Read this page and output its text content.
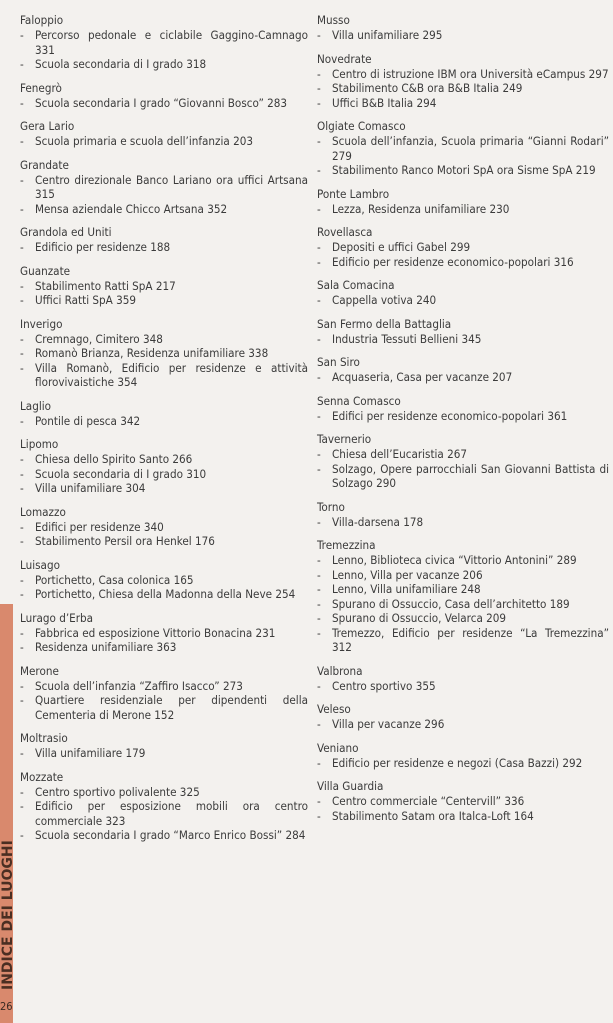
INDICE DEI LUOGHI
26
Faloppio
- Percorso pedonale e ciclabile Gaggino-Camnago 331
- Scuola secondaria di I grado 318
Fenegrò
- Scuola secondaria I grado “Giovanni Bosco” 283
Gera Lario
- Scuola primaria e scuola dell’infanzia 203
Grandate
- Centro direzionale Banco Lariano ora uffici Artsana 315
- Mensa aziendale Chicco Artsana 352
Grandola ed Uniti
- Edificio per residenze 188
Guanzate
- Stabilimento Ratti SpA 217
- Uffici Ratti SpA 359
Inverigo
- Cremnago, Cimitero 348
- Romanò Brianza, Residenza unifamiliare 338
- Villa Romanò, Edificio per residenze e attività florovivaistiche 354
Laglio
- Pontile di pesca 342
Lipomo
- Chiesa dello Spirito Santo 266
- Scuola secondaria di I grado 310
- Villa unifamiliare 304
Lomazzo
- Edifici per residenze 340
- Stabilimento Persil ora Henkel 176
Luisago
- Portichetto, Casa colonica 165
- Portichetto, Chiesa della Madonna della Neve 254
Lurago d’Erba
- Fabbrica ed esposizione Vittorio Bonacina 231
- Residenza unifamiliare 363
Merone
- Scuola dell’infanzia “Zaffiro Isacco” 273
- Quartiere residenziale per dipendenti della Cementeria di Merone 152
Moltrasio
- Villa unifamiliare 179
Mozzate
- Centro sportivo polivalente 325
- Edificio per esposizione mobili ora centro commerciale 323
- Scuola secondaria I grado “Marco Enrico Bossi” 284
Musso
- Villa unifamiliare 295
Novedrate
- Centro di istruzione IBM ora Università eCampus 297
- Stabilimento C&B ora B&B Italia 249
- Uffici B&B Italia 294
Olgiate Comasco
- Scuola dell’infanzia, Scuola primaria “Gianni Rodari” 279
- Stabilimento Ranco Motori SpA ora Sisme SpA 219
Ponte Lambro
- Lezza, Residenza unifamiliare 230
Rovellasca
- Depositi e uffici Gabel 299
- Edificio per residenze economico-popolari 316
Sala Comacina
- Cappella votiva 240
San Fermo della Battaglia
- Industria Tessuti Bellieni 345
San Siro
- Acquaseria, Casa per vacanze 207
Senna Comasco
- Edifici per residenze economico-popolari 361
Tavernerio
- Chiesa dell’Eucaristia 267
- Solzago, Opere parrocchiali San Giovanni Battista di Solzago 290
Torno
- Villa-darsena 178
Tremezzina
- Lenno, Biblioteca civica “Vittorio Antonini” 289
- Lenno, Villa per vacanze 206
- Lenno, Villa unifamiliare 248
- Spurano di Ossuccio, Casa dell’architetto 189
- Spurano di Ossuccio, Velarca 209
- Tremezzo, Edificio per residenze “La Tremezzina” 312
Valbrona
- Centro sportivo 355
Veleso
- Villa per vacanze 296
Veniano
- Edificio per residenze e negozi (Casa Bazzi) 292
Villa Guardia
- Centro commerciale “Centervill” 336
- Stabilimento Satam ora Italca-Loft 164
